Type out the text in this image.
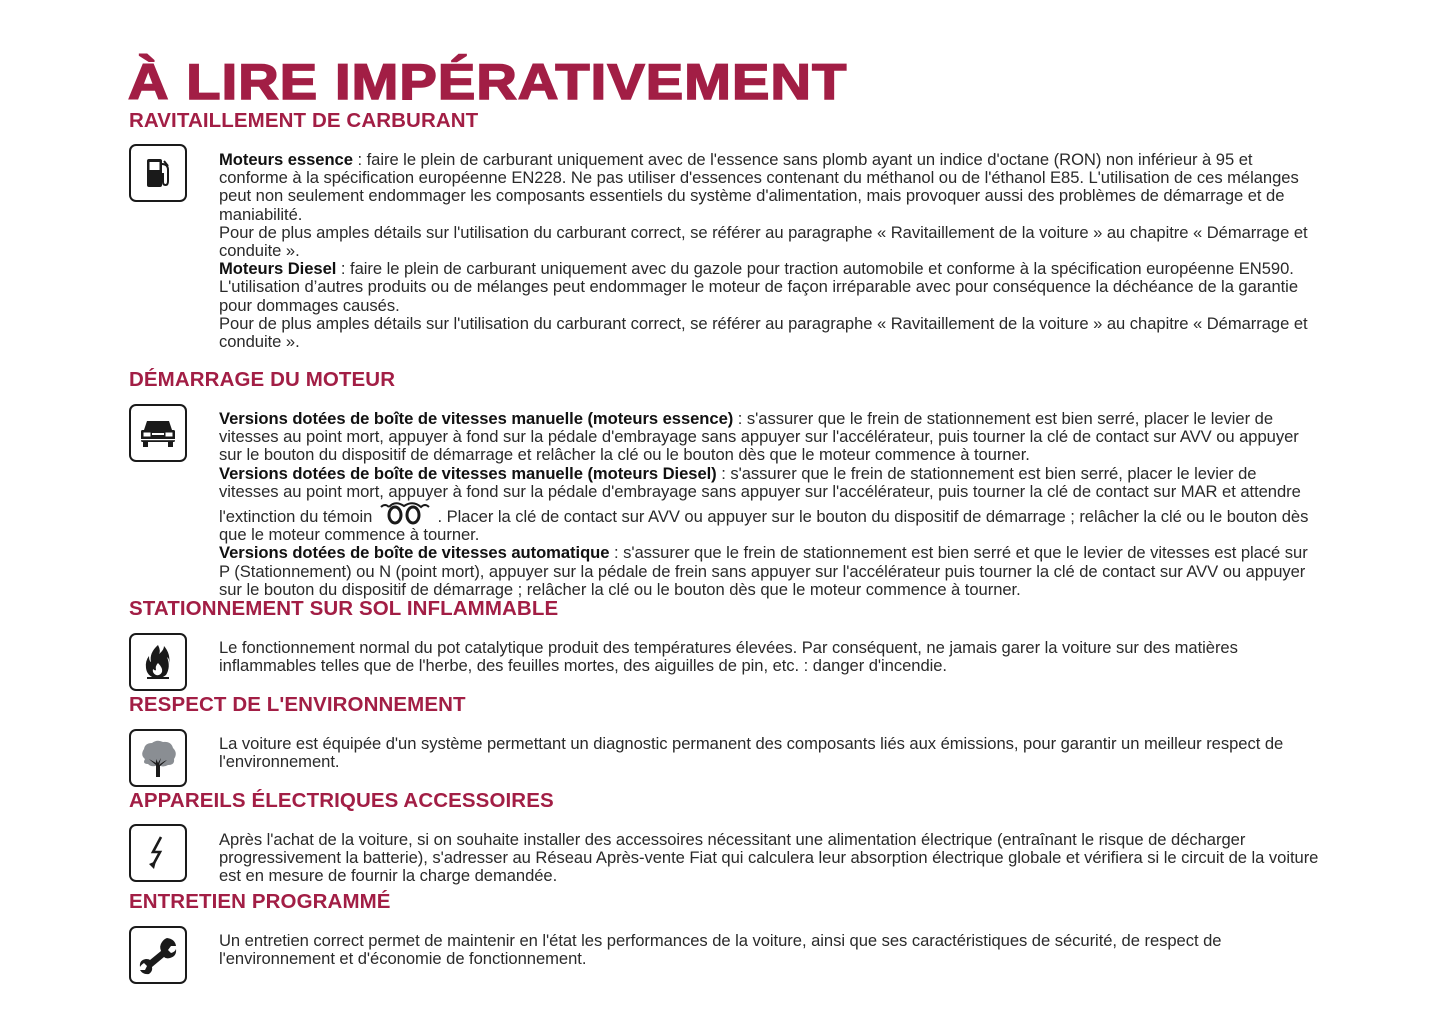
À LIRE IMPÉRATIVEMENT
RAVITAILLEMENT DE CARBURANT

Moteurs essence : faire le plein de carburant uniquement avec de l'essence sans plomb ayant un indice d'octane (RON) non inférieur à 95 et conforme à la spécification européenne EN228. Ne pas utiliser d'essences contenant du méthanol ou de l'éthanol E85. L'utilisation de ces mélanges peut non seulement endommager les composants essentiels du système d'alimentation, mais provoquer aussi des problèmes de démarrage et de maniabilité.

Pour de plus amples détails sur l'utilisation du carburant correct, se référer au paragraphe « Ravitaillement de la voiture » au chapitre « Démarrage et conduite ».

Moteurs Diesel : faire le plein de carburant uniquement avec du gazole pour traction automobile et conforme à la spécification européenne EN590. L'utilisation d’autres produits ou de mélanges peut endommager le moteur de façon irréparable avec pour conséquence la déchéance de la garantie pour dommages causés.

Pour de plus amples détails sur l'utilisation du carburant correct, se référer au paragraphe « Ravitaillement de la voiture » au chapitre « Démarrage et conduite ».

DÉMARRAGE DU MOTEUR

Versions dotées de boîte de vitesses manuelle (moteurs essence) : s'assurer que le frein de stationnement est bien serré, placer le levier de vitesses au point mort, appuyer à fond sur la pédale d'embrayage sans appuyer sur l'accélérateur, puis tourner la clé de contact sur AVV ou appuyer sur le bouton du dispositif de démarrage et relâcher la clé ou le bouton dès que le moteur commence à tourner.

Versions dotées de boîte de vitesses manuelle (moteurs Diesel) : s'assurer que le frein de stationnement est bien serré, placer le levier de vitesses au point mort, appuyer à fond sur la pédale d'embrayage sans appuyer sur l'accélérateur, puis tourner la clé de contact sur MAR et attendre l'extinction du témoin	. Placer la clé de contact sur AVV ou appuyer sur le bouton du dispositif de démarrage ; relâcher la clé ou le bouton dès que le moteur commence à tourner.

Versions dotées de boîte de vitesses automatique : s'assurer que le frein de stationnement est bien serré et que le levier de vitesses est placé sur P (Stationnement) ou N (point mort), appuyer sur la pédale de frein sans appuyer sur l'accélérateur puis tourner la clé de contact sur AVV ou appuyer sur le bouton du dispositif de démarrage ; relâcher la clé ou le bouton dès que le moteur commence à tourner.

STATIONNEMENT SUR SOL INFLAMMABLE

Le fonctionnement normal du pot catalytique produit des températures élevées. Par conséquent, ne jamais garer la voiture sur des matières inflammables telles que de l'herbe, des feuilles mortes, des aiguilles de pin, etc. : danger d'incendie.

RESPECT DE L'ENVIRONNEMENT

La voiture est équipée d'un système permettant un diagnostic permanent des composants liés aux émissions, pour garantir un meilleur respect de l'environnement.

APPAREILS ÉLECTRIQUES ACCESSOIRES

Après l'achat de la voiture, si on souhaite installer des accessoires nécessitant une alimentation électrique (entraînant le risque de décharger progressivement la batterie), s'adresser au Réseau Après-vente Fiat qui calculera leur absorption électrique globale et vérifiera si le circuit de la voiture est en mesure de fournir la charge demandée.

ENTRETIEN PROGRAMMÉ

Un entretien correct permet de maintenir en l'état les performances de la voiture, ainsi que ses caractéristiques de sécurité, de respect de l'environnement et d'économie de fonctionnement.
